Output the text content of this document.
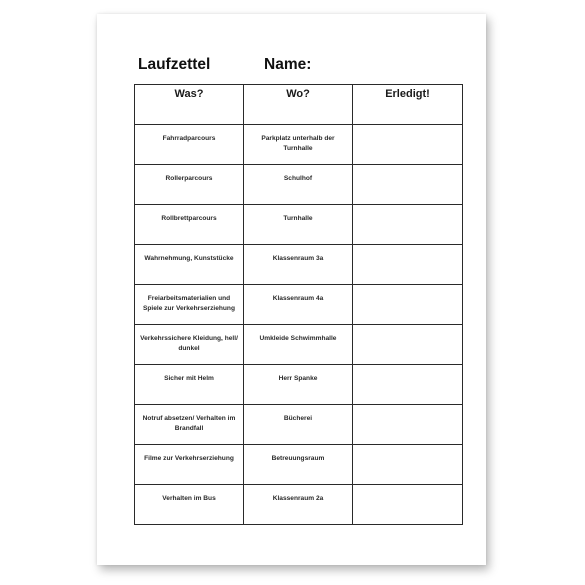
Laufzettel	Name:
Was?	Wo?	Erledigt!
Fahrradparcours	Parkplatz unterhalb der Turnhalle	
Rollerparcours	Schulhof	
Rollbrettparcours	Turnhalle	
Wahrnehmung, Kunststücke	Klassenraum 3a	
Freiarbeitsmaterialien und Spiele zur Verkehrserziehung	Klassenraum 4a	
Verkehrssichere Kleidung, hell/ dunkel	Umkleide Schwimmhalle	
Sicher mit Helm	Herr Spanke	
Notruf absetzen/ Verhalten im Brandfall	Bücherei	
Filme zur Verkehrserziehung	Betreuungsraum	
Verhalten im Bus	Klassenraum 2a	
